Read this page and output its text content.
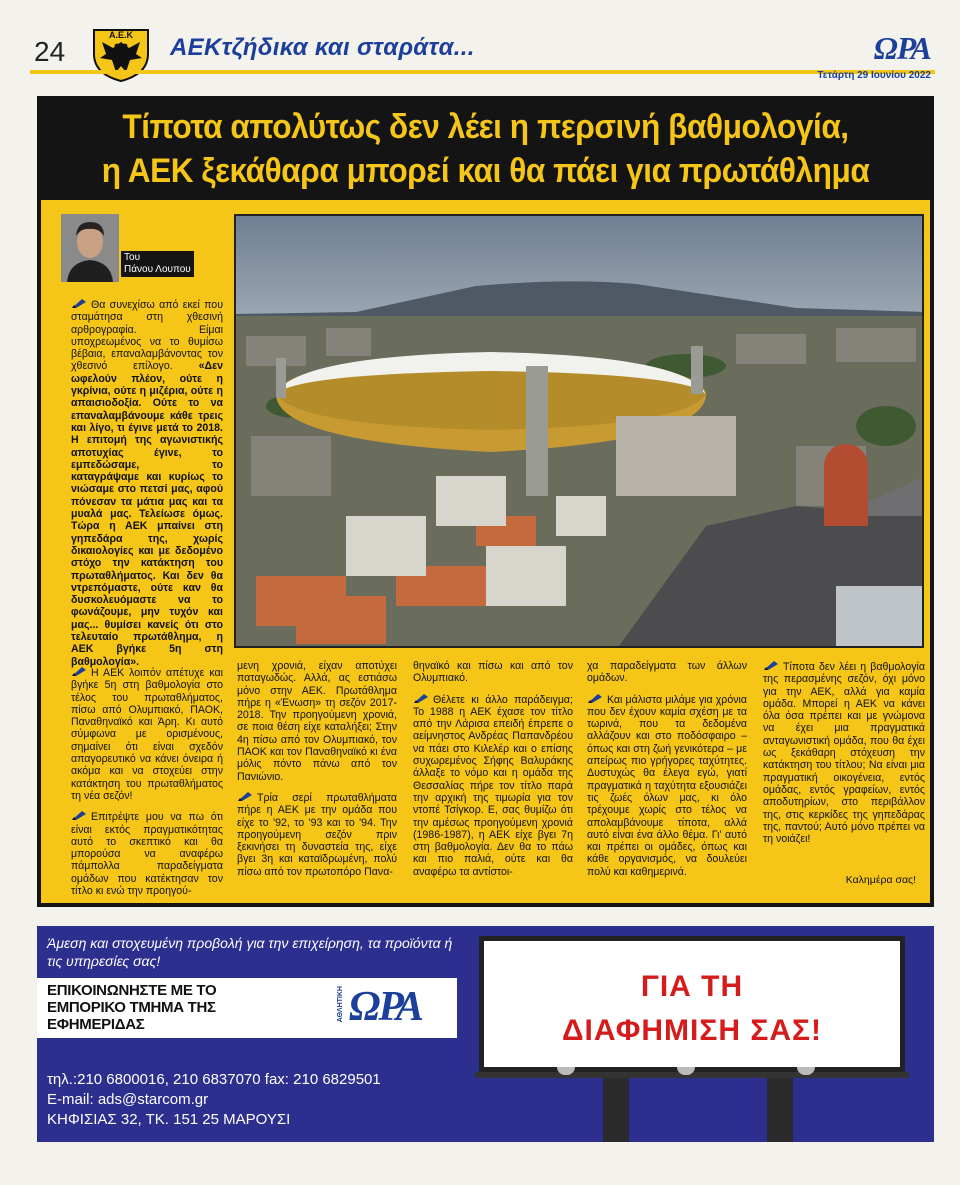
24
Α.Ε.Κ ΑΕΚτζήδικα και σταράτα...	ΩΡΑ
Τετάρτη 29 Ιουνίου 2022
Τίποτα απολύτως δεν λέει η περσινή βαθμολογία,
η ΑΕΚ ξεκάθαρα μπορεί και θα πάει για πρωτάθλημα
Του
Πάνου Λουπου

Θα συνεχίσω από εκεί που σταμάτησα στη χθεσινή αρθρογραφία. Είμαι υποχρεωμένος να το θυμίσω βέβαια, επαναλαμβάνοντας τον χθεσινό επίλογο. «Δεν ωφελούν πλέον, ούτε η γκρίνια, ούτε η μιζέρια, ούτε η απαισιοδοξία. Ούτε το να επαναλαμβάνουμε κάθε τρεις και λίγο, τι έγινε μετά το 2018. Η επιτομή της αγωνιστικής αποτυχίας έγινε, το εμπεδώσαμε, το καταγράψαμε και κυρίως το νιώσαμε στο πετσί μας, αφού πόνεσαν τα μάτια μας και τα μυαλά μας. Τελείωσε όμως. Τώρα η ΑΕΚ μπαίνει στη γηπεδάρα της, χωρίς δικαιολογίες και με δεδομένο στόχο την κατάκτηση του πρωταθλήματος. Και δεν θα ντρεπόμαστε, ούτε καν θα δυσκολευόμαστε να το φωνάζουμε, μην τυχόν και μας... θυμίσει κανείς ότι στο τελευταίο πρωτάθλημα, η ΑΕΚ βγήκε 5η στη βαθμολογία».

Η ΑΕΚ λοιπόν απέτυχε και βγήκε 5η στη βαθμολογία στο τέλος του πρωταθλήματος, πίσω από Ολυμπιακό, ΠΑΟΚ, Παναθηναϊκό και Άρη. Κι αυτό σύμφωνα με ορισμένους, σημαίνει ότι είναι σχεδόν απαγορευτικό να κάνει όνειρα ή ακόμα και να στοχεύει στην κατάκτηση του πρωταθλήματος τη νέα σεζόν!

Επιτρέψτε μου να πω ότι είναι εκτός πραγματικότητας αυτό το σκεπτικό και θα μπορούσα να αναφέρω πάμπολλα παραδείγματα ομάδων που κατέκτησαν τον τίτλο κι ενώ την προηγού-

μενη χρονιά, είχαν αποτύχει παταγωδώς. Αλλά, ας εστιάσω μόνο στην ΑΕΚ. Πρωτάθλημα πήρε η «Ένωση» τη σεζόν 2017-2018. Την προηγούμενη χρονιά, σε ποια θέση είχε καταλήξει; Στην 4η πίσω από τον Ολυμπιακό, τον ΠΑΟΚ και τον Παναθηναϊκό κι ένα μόλις πόντο πάνω από τον Πανιώνιο.

Τρία σερί πρωταθλήματα πήρε η ΑΕΚ με την ομάδα που είχε το '92, το '93 και το '94. Την προηγούμενη σεζόν πριν ξεκινήσει τη δυναστεία της, είχε βγει 3η και καταϊδρωμένη, πολύ πίσω από τον πρωτοπόρο Πανα-

θηναϊκό και πίσω και από τον Ολυμπιακό.

Θέλετε κι άλλο παράδειγμα; Το 1988 η ΑΕΚ έχασε τον τίτλο από την Λάρισα επειδή έπρεπε ο αείμνηστος Ανδρέας Παπανδρέου να πάει στο Κιλελέρ και ο επίσης συχωρεμένος Σήφης Βαλυράκης άλλαξε το νόμο και η ομάδα της Θεσσαλίας πήρε τον τίτλο παρά την αρχική της τιμωρία για τον ντοπέ Τσίγκορ. Ε, σας θυμίζω ότι την αμέσως προηγούμενη χρονιά (1986-1987), η ΑΕΚ είχε βγει 7η στη βαθμολογία. Δεν θα το πάω και πιο παλιά, ούτε και θα αναφέρω τα αντίστοι-

χα παραδείγματα των άλλων ομάδων.

Και μάλιστα μιλάμε για χρόνια που δεν έχουν καμία σχέση με τα τωρινά, που τα δεδομένα αλλάζουν και στο ποδόσφαιρο – όπως και στη ζωή γενικότερα – με απείρως πιο γρήγορες ταχύτητες. Δυστυχώς θα έλεγα εγώ, γιατί πραγματικά η ταχύτητα εξουσιάζει τις ζωές όλων μας, κι όλο τρέχουμε χωρίς στο τέλος να απολαμβάνουμε τίποτα, αλλά αυτό είναι ένα άλλο θέμα. Γι' αυτό και πρέπει οι ομάδες, όπως και κάθε οργανισμός, να δουλεύει πολύ και καθημερινά.

Τίποτα δεν λέει η βαθμολογία της περασμένης σεζόν, όχι μόνο για την ΑΕΚ, αλλά για καμία ομάδα. Μπορεί η ΑΕΚ να κάνει όλα όσα πρέπει και με γνώμονα να έχει μια πραγματικά ανταγωνιστική ομάδα, που θα έχει ως ξεκάθαρη στόχευση την κατάκτηση του τίτλου; Να είναι μια πραγματική οικογένεια, εντός ομάδας, εντός γραφείων, εντός αποδυτηρίων, στο περιβάλλον της, στις κερκίδες της γηπεδάρας της, παντού; Αυτό μόνο πρέπει να τη νοιάζει!

Καλημέρα σας!
Άμεση και στοχευμένη προβολή για την επιχείρηση, τα προϊόντα ή τις υπηρεσίες σας!
ΕΠΙΚΟΙΝΩΝΗΣΤΕ ΜΕ ΤΟ ΕΜΠΟΡΙΚΟ ΤΜΗΜΑ ΤΗΣ ΕΦΗΜΕΡΙΔΑΣ
ΑΘΛΗΤΙΚΗ ΩΡΑ	ΓΙΑ ΤΗ
ΔΙΑΦΗΜΙΣΗ ΣΑΣ!
τηλ.:210 6800016, 210 6837070 fax: 210 6829501
E-mail: ads@starcom.gr
ΚΗΦΙΣΙΑΣ 32, ΤΚ. 151 25 ΜΑΡΟΥΣΙ
